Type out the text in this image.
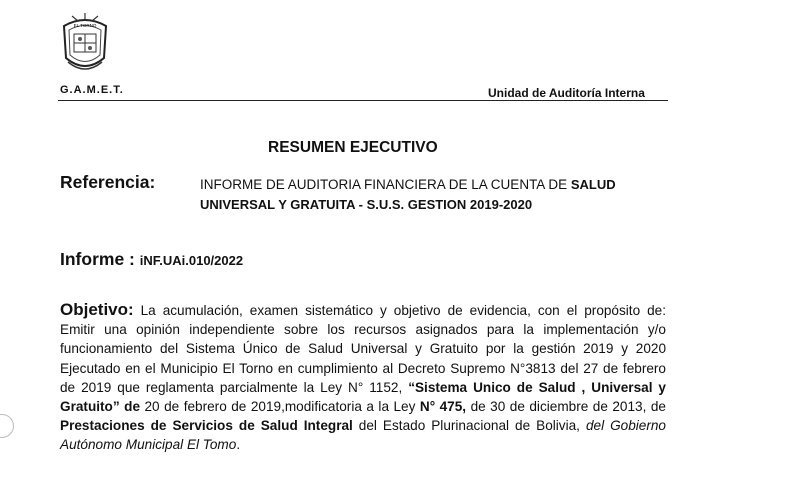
EL TORNO
G.A.M.E.T.	Unidad de Auditoría Interna
RESUMEN EJECUTIVO
Referencia:	INFORME DE AUDITORIA FINANCIERA DE LA CUENTA DE SALUD UNIVERSAL Y GRATUITA - S.U.S. GESTION 2019-2020
Informe : iNF.UAi.010/2022
Objetivo: La acumulación, examen sistemático y objetivo de evidencia, con el propósito de: Emitir una opinión independiente sobre los recursos asignados para la implementación y/o funcionamiento del Sistema Único de Salud Universal y Gratuito por la gestión 2019 y 2020 Ejecutado en el Municipio El Torno en cumplimiento al Decreto Supremo N°3813 del 27 de febrero de 2019 que reglamenta parcialmente la Ley N° 1152, “Sistema Unico de Salud , Universal y Gratuito” de 20 de febrero de 2019,modificatoria a la Ley N° 475, de 30 de diciembre de 2013, de Prestaciones de Servicios de Salud Integral del Estado Plurinacional de Bolivia, del Gobierno Autónomo Municipal El Tomo.
